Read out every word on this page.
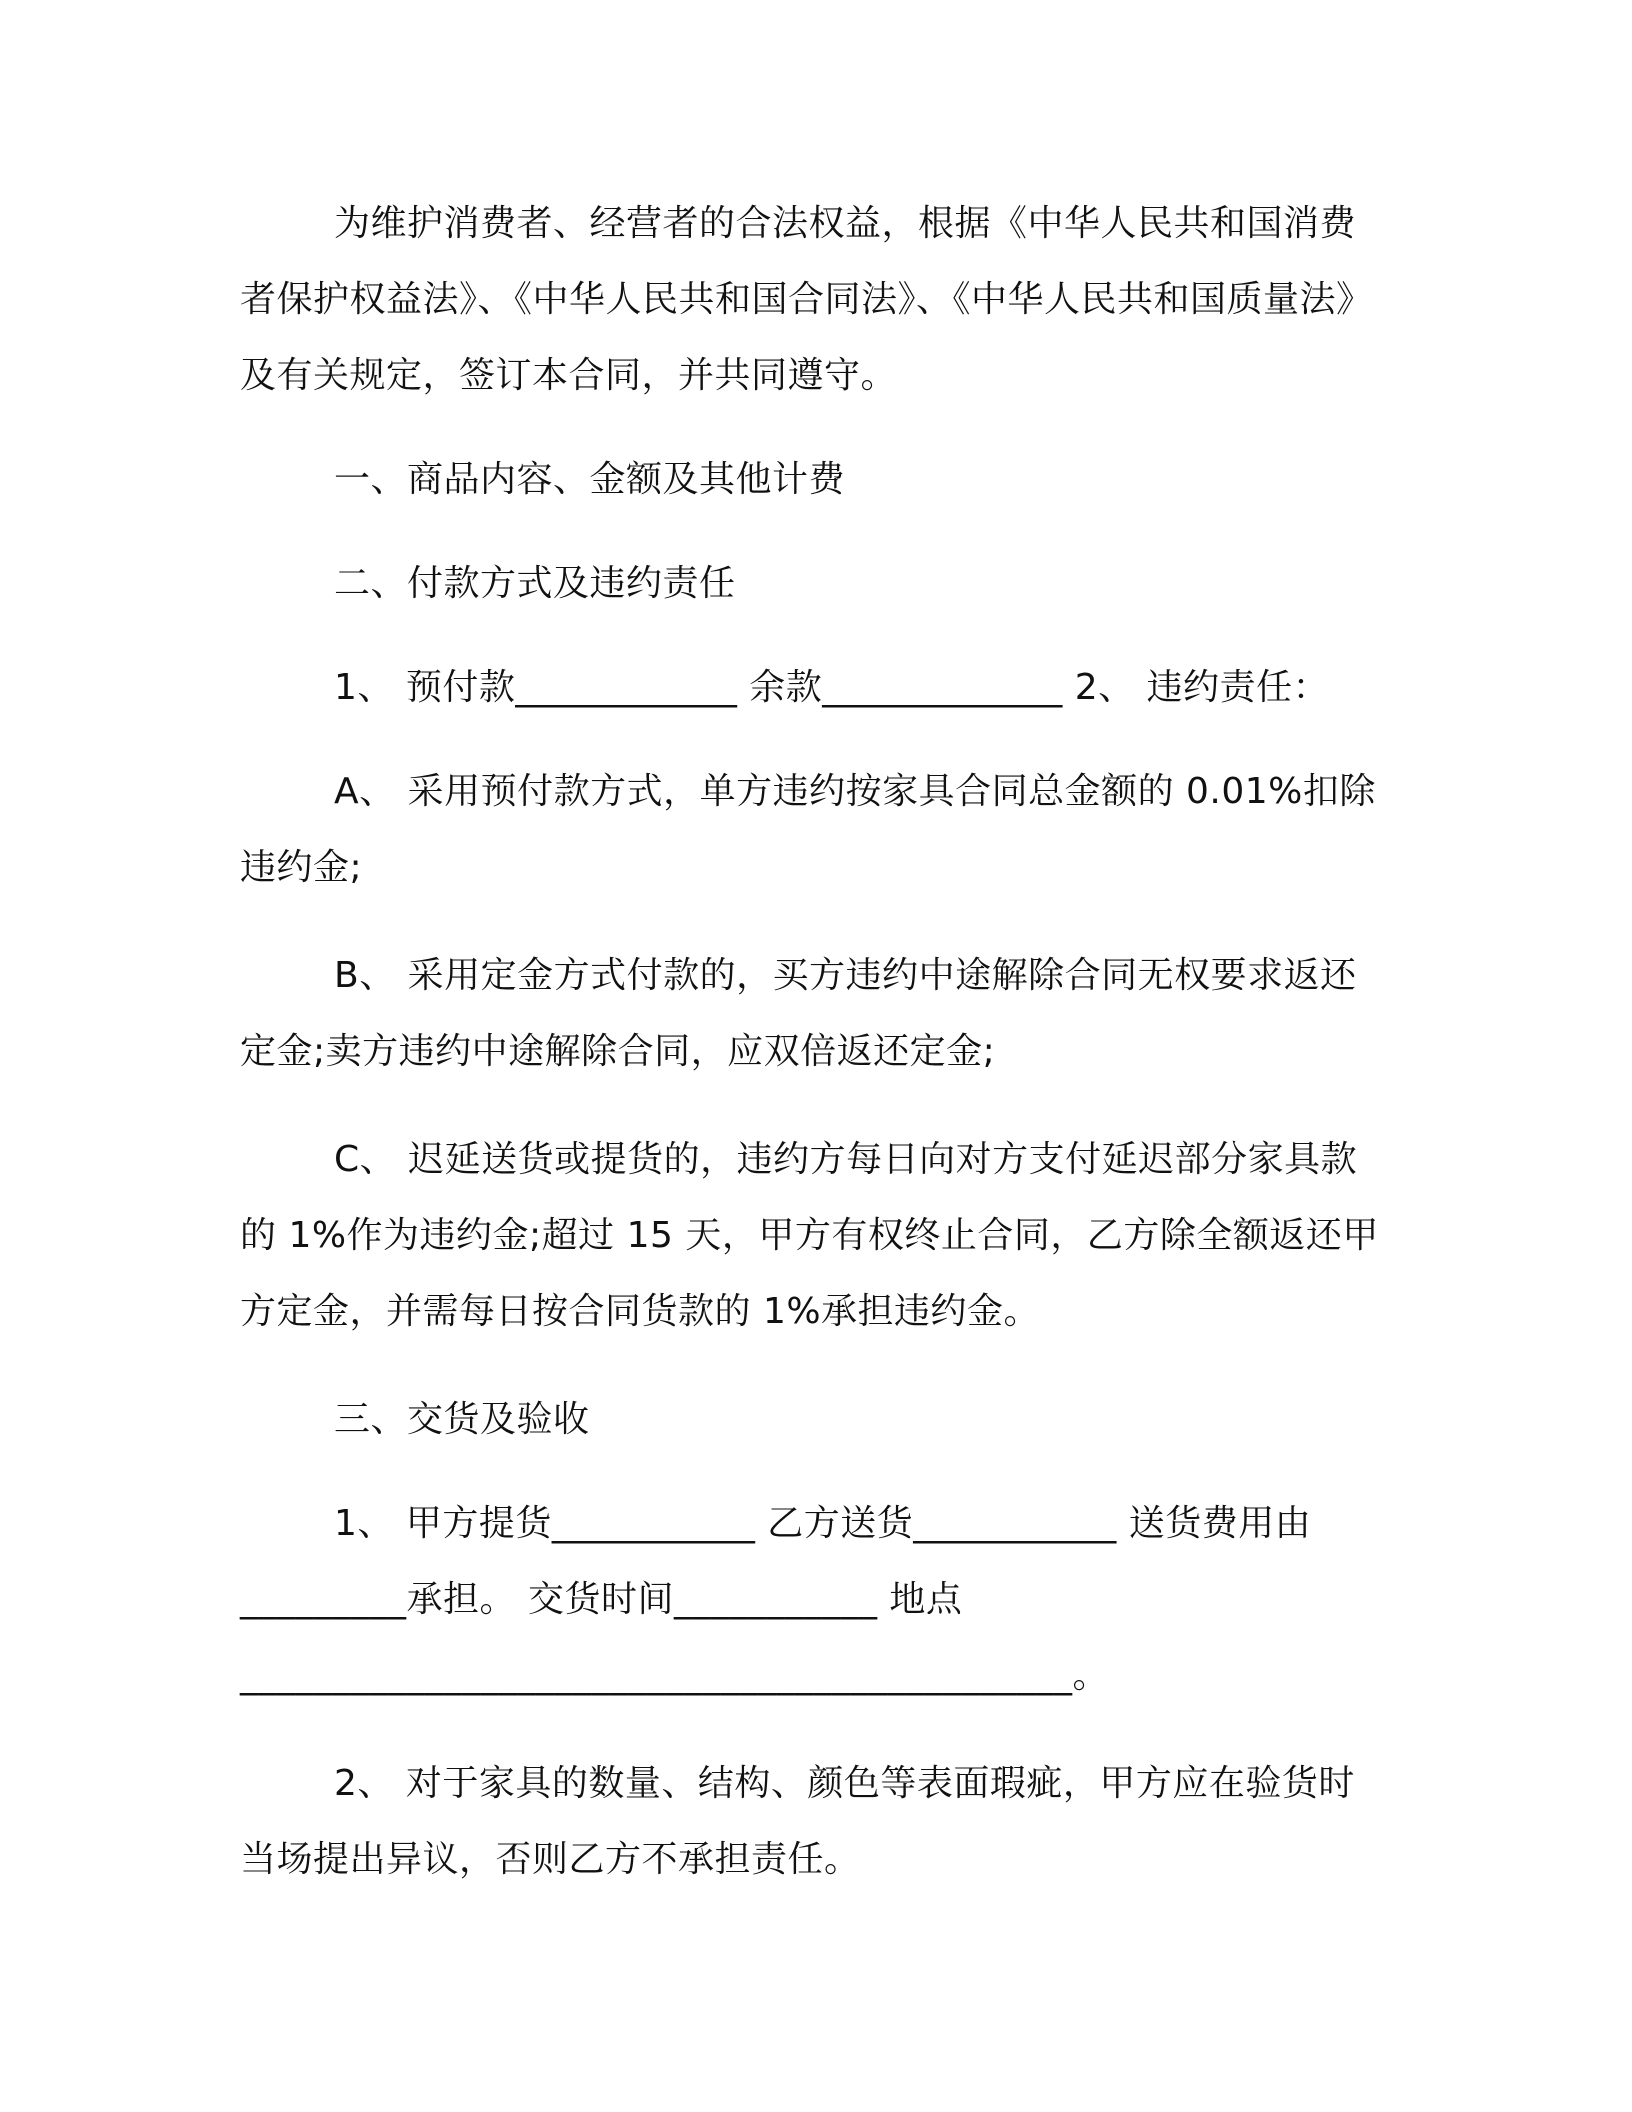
为维护消费者、经营者的合法权益，根据《中华人民共和国消费者保护权益法》、《中华人民共和国合同法》、《中华人民共和国质量法》及有关规定，签订本合同，并共同遵守。

一、商品内容、金额及其他计费

二、付款方式及违约责任

1、 预付款____________ 余款_____________ 2、 违约责任：

A、 采用预付款方式，单方违约按家具合同总金额的 0.01%扣除违约金;

B、 采用定金方式付款的，买方违约中途解除合同无权要求返还定金;卖方违约中途解除合同，应双倍返还定金;

C、 迟延送货或提货的，违约方每日向对方支付延迟部分家具款的 1%作为违约金;超过 15 天，甲方有权终止合同，乙方除全额返还甲方定金，并需每日按合同货款的 1%承担违约金。

三、交货及验收

1、 甲方提货___________ 乙方送货___________ 送货费用由

_________承担。 交货时间___________ 地点

_____________________________________________。

2、 对于家具的数量、结构、颜色等表面瑕疵，甲方应在验货时当场提出异议，否则乙方不承担责任。
